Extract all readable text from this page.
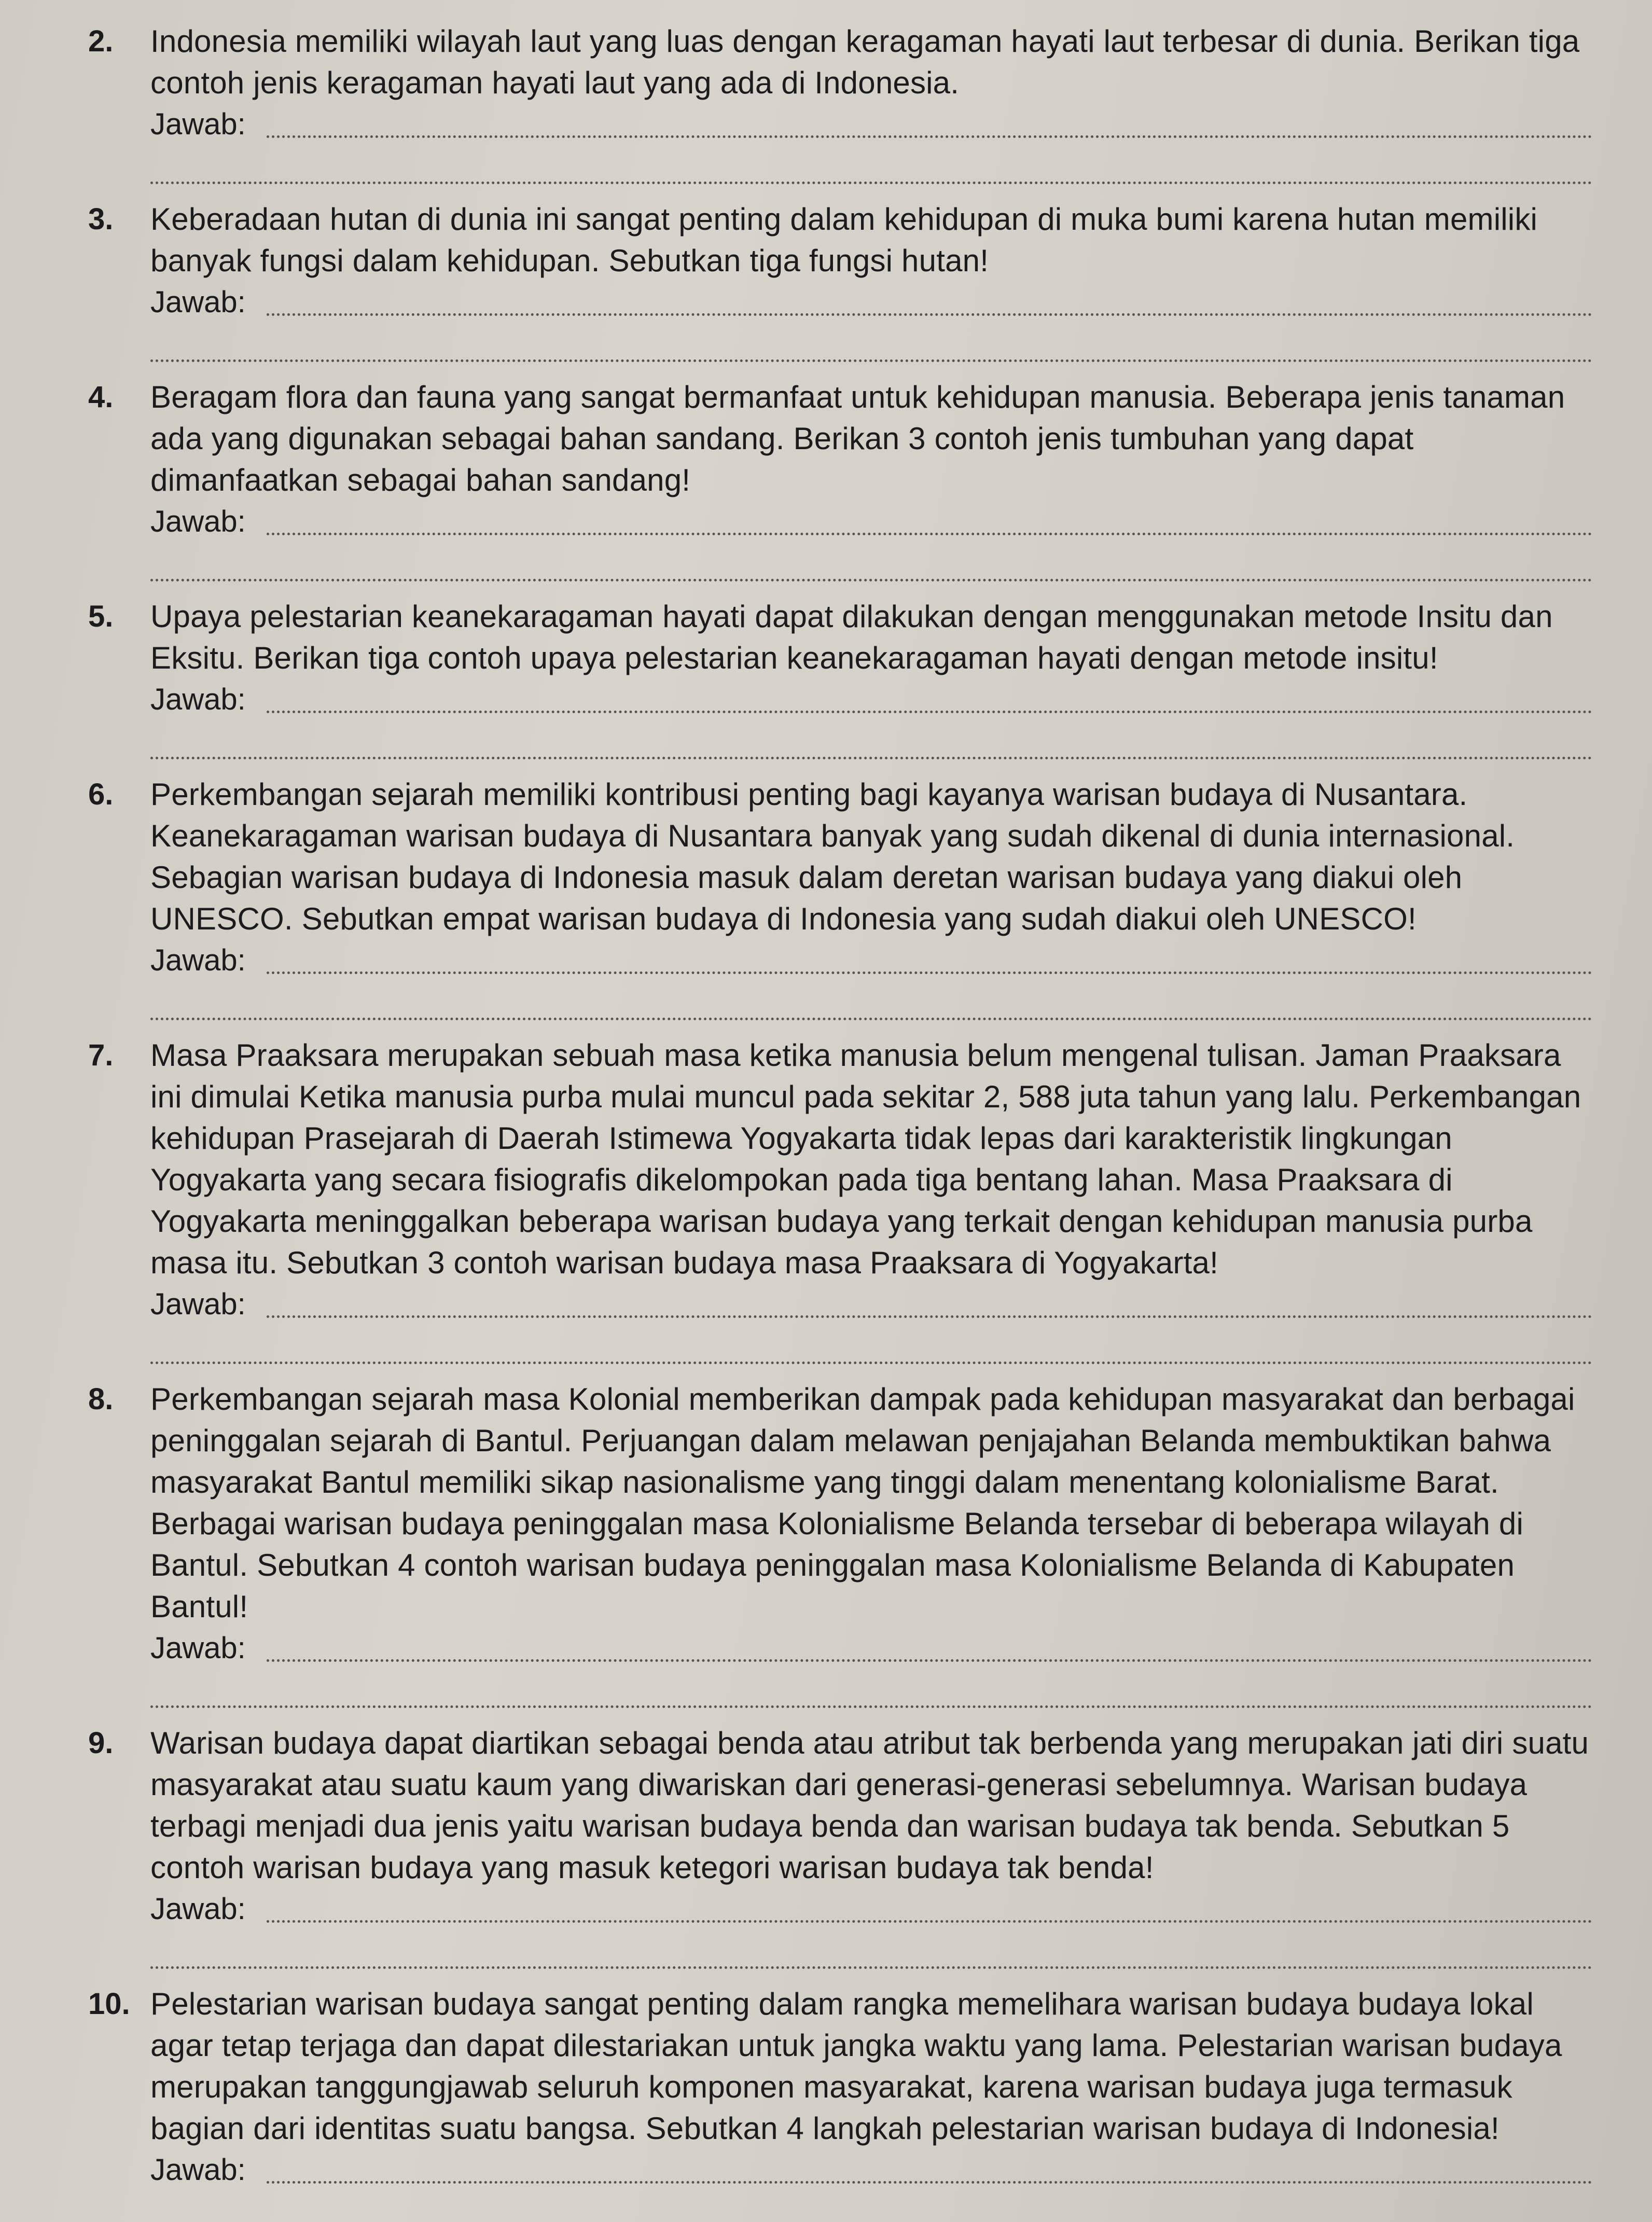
2.	Indonesia memiliki wilayah laut yang luas dengan keragaman hayati laut terbesar di dunia. Berikan tiga contoh jenis keragaman hayati laut yang ada di Indonesia.

Jawab:
3.	Keberadaan hutan di dunia ini sangat penting dalam kehidupan di muka bumi karena hutan memiliki banyak fungsi dalam kehidupan. Sebutkan tiga fungsi hutan!

Jawab:
4.	Beragam flora dan fauna yang sangat bermanfaat untuk kehidupan manusia. Beberapa jenis tanaman ada yang digunakan sebagai bahan sandang. Berikan 3 contoh jenis tumbuhan yang dapat dimanfaatkan sebagai bahan sandang!

Jawab:
5.	Upaya pelestarian keanekaragaman hayati dapat dilakukan dengan menggunakan metode Insitu dan Eksitu. Berikan tiga contoh upaya pelestarian keanekaragaman hayati dengan metode insitu!

Jawab:
6.	Perkembangan sejarah memiliki kontribusi penting bagi kayanya warisan budaya di Nusantara. Keanekaragaman warisan budaya di Nusantara banyak yang sudah dikenal di dunia internasional. Sebagian warisan budaya di Indonesia masuk dalam deretan warisan budaya yang diakui oleh UNESCO. Sebutkan empat warisan budaya di Indonesia yang sudah diakui oleh UNESCO!

Jawab:
7.	Masa Praaksara merupakan sebuah masa ketika manusia belum mengenal tulisan. Jaman Praaksara ini dimulai Ketika manusia purba mulai muncul pada sekitar 2, 588 juta tahun yang lalu. Perkembangan kehidupan Prasejarah di Daerah Istimewa Yogyakarta tidak lepas dari karakteristik lingkungan Yogyakarta yang secara fisiografis dikelompokan pada tiga bentang lahan. Masa Praaksara di Yogyakarta meninggalkan beberapa warisan budaya yang terkait dengan kehidupan manusia purba masa itu. Sebutkan 3 contoh warisan budaya masa Praaksara di Yogyakarta!

Jawab:
8.	Perkembangan sejarah masa Kolonial memberikan dampak pada kehidupan masyarakat dan berbagai peninggalan sejarah di Bantul. Perjuangan dalam melawan penjajahan Belanda membuktikan bahwa masyarakat Bantul memiliki sikap nasionalisme yang tinggi dalam menentang kolonialisme Barat. Berbagai warisan budaya peninggalan masa Kolonialisme Belanda tersebar di beberapa wilayah di Bantul. Sebutkan 4 contoh warisan budaya peninggalan masa Kolonialisme Belanda di Kabupaten Bantul!

Jawab:
9.	Warisan budaya dapat diartikan sebagai benda atau atribut tak berbenda yang merupakan jati diri suatu masyarakat atau suatu kaum yang diwariskan dari generasi-generasi sebelumnya. Warisan budaya terbagi menjadi dua jenis yaitu warisan budaya benda dan warisan budaya tak benda. Sebutkan 5 contoh warisan budaya yang masuk ketegori warisan budaya tak benda!

Jawab:
10. Pelestarian warisan budaya sangat penting dalam rangka memelihara warisan budaya budaya lokal agar tetap terjaga dan dapat dilestariakan untuk jangka waktu yang lama. Pelestarian warisan budaya merupakan tanggungjawab seluruh komponen masyarakat, karena warisan budaya juga termasuk bagian dari identitas suatu bangsa. Sebutkan 4 langkah pelestarian warisan budaya di Indonesia!

Jawab:
